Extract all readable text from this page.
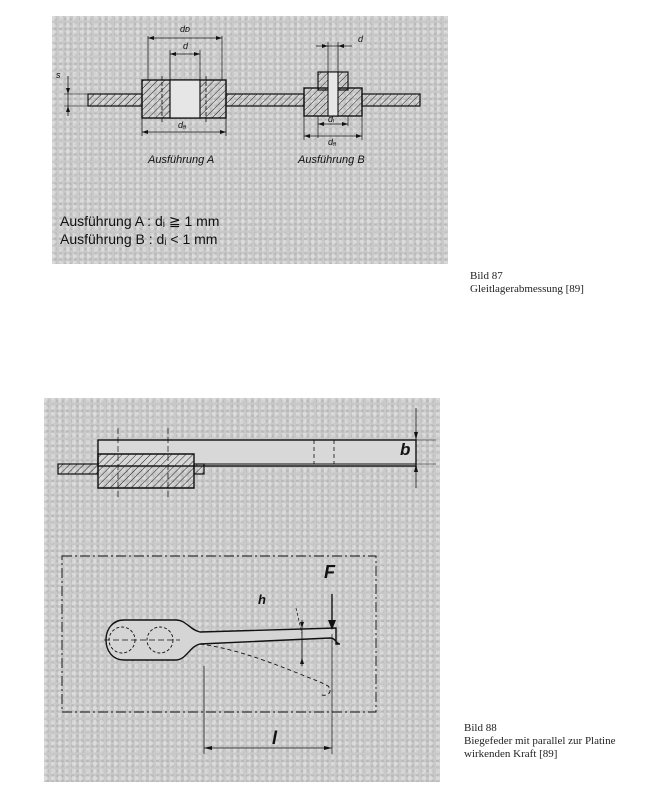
dᴅ
d
d
s
dₐ
dᵢ
dₐ
Ausführung A	Ausführung B
Ausführung A : dᵢ ≧ 1 mm
Ausführung B : dᵢ < 1 mm
Bild 87
Gleitlagerabmessung [89]
b
F
h
l	Bild 88
Biegefeder mit parallel zur Platine
wirkenden Kraft [89]
